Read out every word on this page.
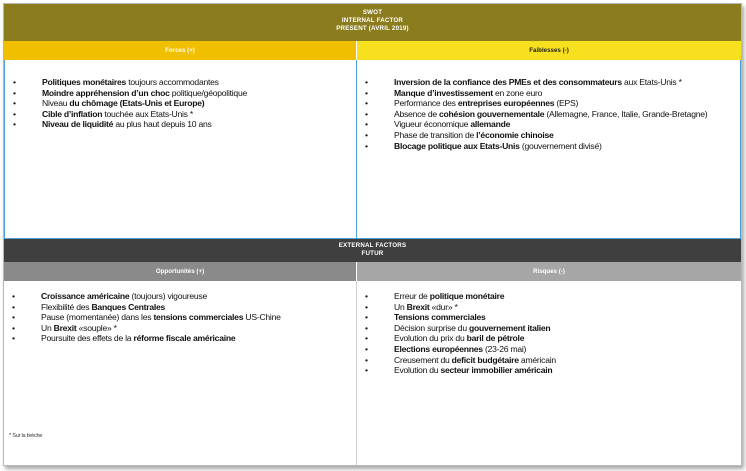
SWOT
INTERNAL FACTOR
PRESENT (AVRIL 2019)
Forces (+)	Faiblesses (-)
• Politiques monétaires toujours accommodantes
• Moindre appréhension d’un choc politique/géopolitique
• Niveau du chômage (Etats-Unis et Europe)
• Cible d’inflation touchée aux Etats-Unis *
• Niveau de liquidité au plus haut depuis 10 ans
• Inversion de la confiance des PMEs et des consommateurs aux Etats-Unis *
• Manque d’investissement en zone euro
• Performance des entreprises européennes (EPS)
• Absence de cohésion gouvernementale (Allemagne, France, Italie, Grande-Bretagne)
• Vigueur économique allemande
• Phase de transition de l’économie chinoise
• Blocage politique aux Etats-Unis (gouvernement divisé)
EXTERNAL FACTORS
FUTUR
Opportunités (+)	Risques (-)
• Croissance américaine (toujours) vigoureuse
• Flexibilité des Banques Centrales
• Pause (momentanée) dans les tensions commerciales US-Chine
• Un Brexit «souple» *
• Poursuite des effets de la réforme fiscale américaine
* Sur la brèche
• Erreur de politique monétaire
• Un Brexit «dur» *
• Tensions commerciales
• Décision surprise du gouvernement italien
• Evolution du prix du baril de pétrole
• Elections européennes (23-26 mai)
• Creusement du deficit budgétaire américain
• Evolution du secteur immobilier américain
